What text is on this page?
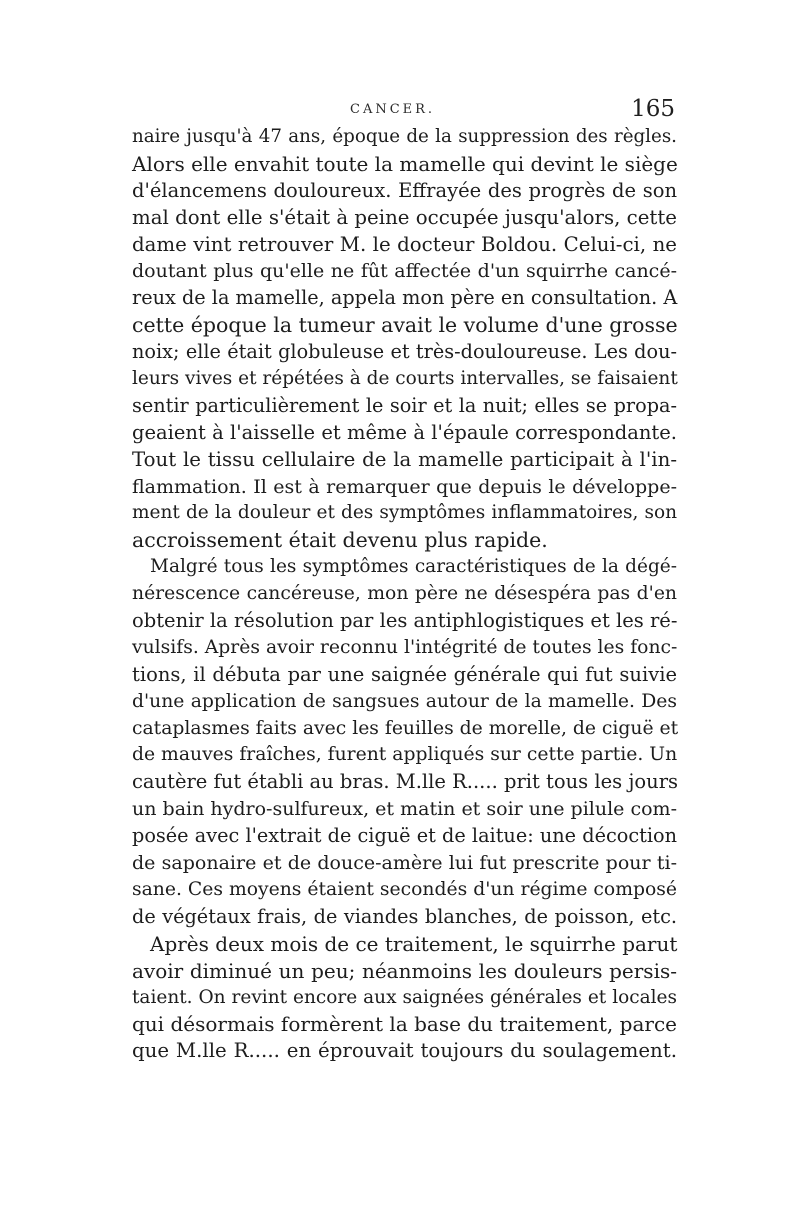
CANCER.	165
naire jusqu'à 47 ans, époque de la suppression des règles.
Alors elle envahit toute la mamelle qui devint le siège
d'élancemens douloureux. Effrayée des progrès de son
mal dont elle s'était à peine occupée jusqu'alors, cette
dame vint retrouver M. le docteur Boldou. Celui-ci, ne
doutant plus qu'elle ne fût affectée d'un squirrhe cancé-
reux de la mamelle, appela mon père en consultation. A
cette époque la tumeur avait le volume d'une grosse
noix; elle était globuleuse et très-douloureuse. Les dou-
leurs vives et répétées à de courts intervalles, se faisaient
sentir particulièrement le soir et la nuit; elles se propa-
geaient à l'aisselle et même à l'épaule correspondante.
Tout le tissu cellulaire de la mamelle participait à l'in-
flammation. Il est à remarquer que depuis le développe-
ment de la douleur et des symptômes inflammatoires, son
accroissement était devenu plus rapide.
Malgré tous les symptômes caractéristiques de la dégé-
nérescence cancéreuse, mon père ne désespéra pas d'en
obtenir la résolution par les antiphlogistiques et les ré-
vulsifs. Après avoir reconnu l'intégrité de toutes les fonc-
tions, il débuta par une saignée générale qui fut suivie
d'une application de sangsues autour de la mamelle. Des
cataplasmes faits avec les feuilles de morelle, de ciguë et
de mauves fraîches, furent appliqués sur cette partie. Un
cautère fut établi au bras. M.lle R..... prit tous les jours
un bain hydro-sulfureux, et matin et soir une pilule com-
posée avec l'extrait de ciguë et de laitue: une décoction
de saponaire et de douce-amère lui fut prescrite pour ti-
sane. Ces moyens étaient secondés d'un régime composé
de végétaux frais, de viandes blanches, de poisson, etc.
Après deux mois de ce traitement, le squirrhe parut
avoir diminué un peu; néanmoins les douleurs persis-
taient. On revint encore aux saignées générales et locales
qui désormais formèrent la base du traitement, parce
que M.lle R..... en éprouvait toujours du soulagement.
